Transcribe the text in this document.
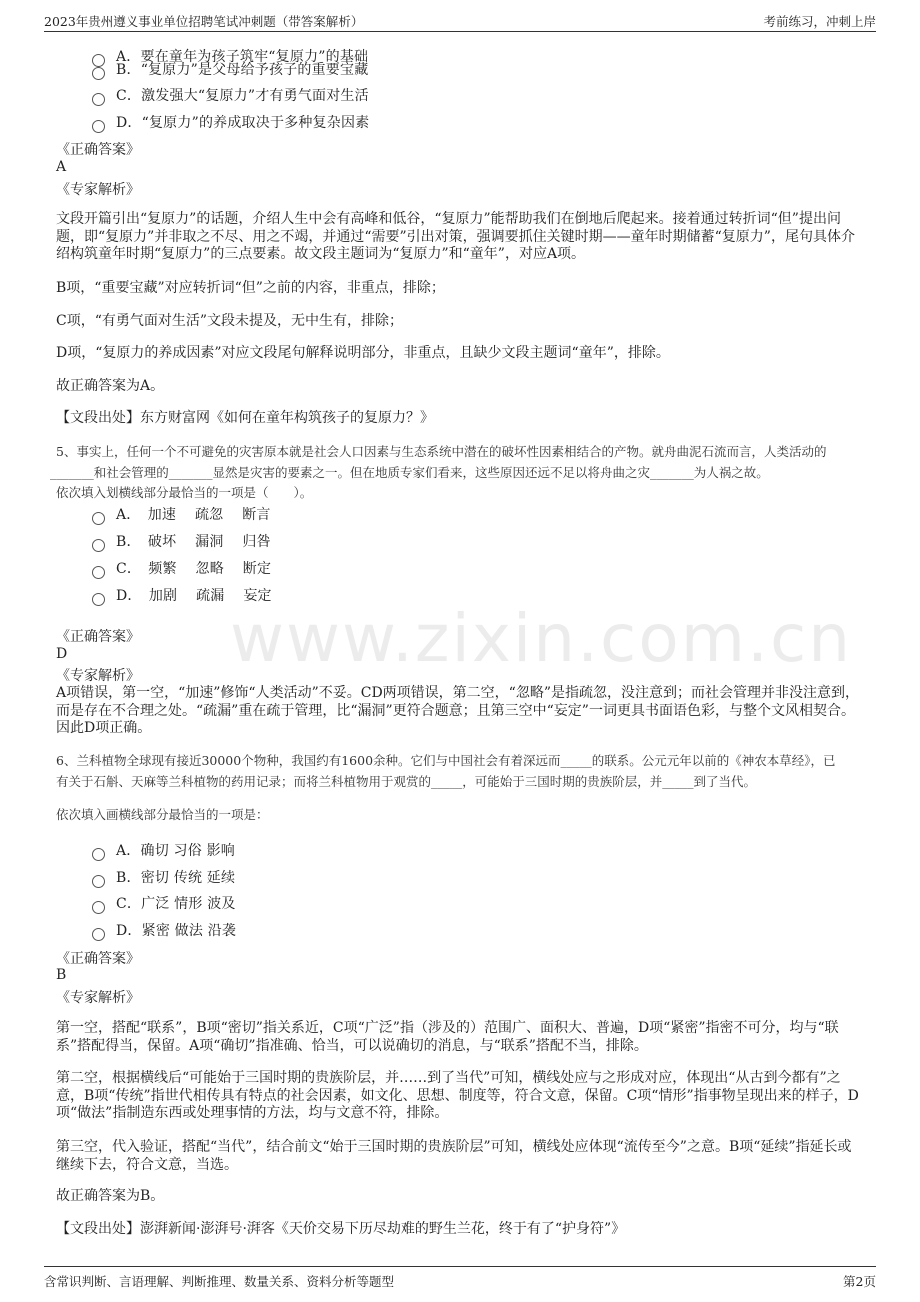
2023年贵州遵义事业单位招聘笔试冲刺题（带答案解析）	考前练习，冲刺上岸
A．要在童年为孩子筑牢“复原力”的基础
B．“复原力”是父母给予孩子的重要宝藏
C．激发强大“复原力”才有勇气面对生活
D．“复原力”的养成取决于多种复杂因素
《正确答案》
A
《专家解析》
文段开篇引出“复原力”的话题，介绍人生中会有高峰和低谷，“复原力”能帮助我们在倒地后爬起来。接着通过转折词“但”提出问题，即“复原力”并非取之不尽、用之不竭，并通过“需要”引出对策，强调要抓住关键时期——童年时期储蓄“复原力”，尾句具体介绍构筑童年时期“复原力”的三点要素。故文段主题词为“复原力”和“童年”，对应A项。
B项，“重要宝藏”对应转折词“但”之前的内容，非重点，排除；
C项，“有勇气面对生活”文段未提及，无中生有，排除；
D项，“复原力的养成因素”对应文段尾句解释说明部分，非重点，且缺少文段主题词“童年”，排除。
故正确答案为A。
【文段出处】东方财富网《如何在童年构筑孩子的复原力？》
5、事实上，任何一个不可避免的灾害原本就是社会人口因素与生态系统中潜在的破坏性因素相结合的产物。就舟曲泥石流而言，人类活动的
_______和社会管理的_______显然是灾害的要素之一。但在地质专家们看来，这些原因还远不足以将舟曲之灾_______为人祸之故。
依次填入划横线部分最恰当的一项是（　　）。
A．　加速　 疏忽　 断言
B．　破坏　 漏洞　 归咎
C．　频繁　 忽略　 断定
D．　加剧　 疏漏　 妄定
《正确答案》
D
《专家解析》
A项错误，第一空，“加速”修饰“人类活动”不妥。CD两项错误，第二空，“忽略”是指疏忽，没注意到；而社会管理并非没注意到，而是存在不合理之处。“疏漏”重在疏于管理，比“漏洞”更符合题意；且第三空中“妄定”一词更具书面语色彩，与整个文风相契合。因此D项正确。
6、兰科植物全球现有接近30000个物种，我国约有1600余种。它们与中国社会有着深远而_____的联系。公元元年以前的《神农本草经》，已
有关于石斛、天麻等兰科植物的药用记录；而将兰科植物用于观赏的_____，可能始于三国时期的贵族阶层，并_____到了当代。
依次填入画横线部分最恰当的一项是：
A．确切 习俗 影响
B．密切 传统 延续
C．广泛 情形 波及
D．紧密 做法 沿袭
《正确答案》
B
《专家解析》
第一空，搭配“联系”，B项“密切”指关系近，C项“广泛”指（涉及的）范围广、面积大、普遍，D项“紧密”指密不可分，均与“联系”搭配得当，保留。A项“确切”指准确、恰当，可以说确切的消息，与“联系”搭配不当，排除。
第二空，根据横线后“可能始于三国时期的贵族阶层，并……到了当代”可知，横线处应与之形成对应，体现出“从古到今都有”之意，B项“传统”指世代相传具有特点的社会因素，如文化、思想、制度等，符合文意，保留。C项“情形”指事物呈现出来的样子，D项“做法”指制造东西或处理事情的方法，均与文意不符，排除。
第三空，代入验证，搭配“当代”，结合前文“始于三国时期的贵族阶层”可知，横线处应体现“流传至今”之意。B项“延续”指延长或继续下去，符合文意，当选。
故正确答案为B。
【文段出处】澎湃新闻·澎湃号·湃客《天价交易下历尽劫难的野生兰花，终于有了“护身符”》
www.zixin.com.cn
含常识判断、言语理解、判断推理、数量关系、资料分析等题型	第2页
